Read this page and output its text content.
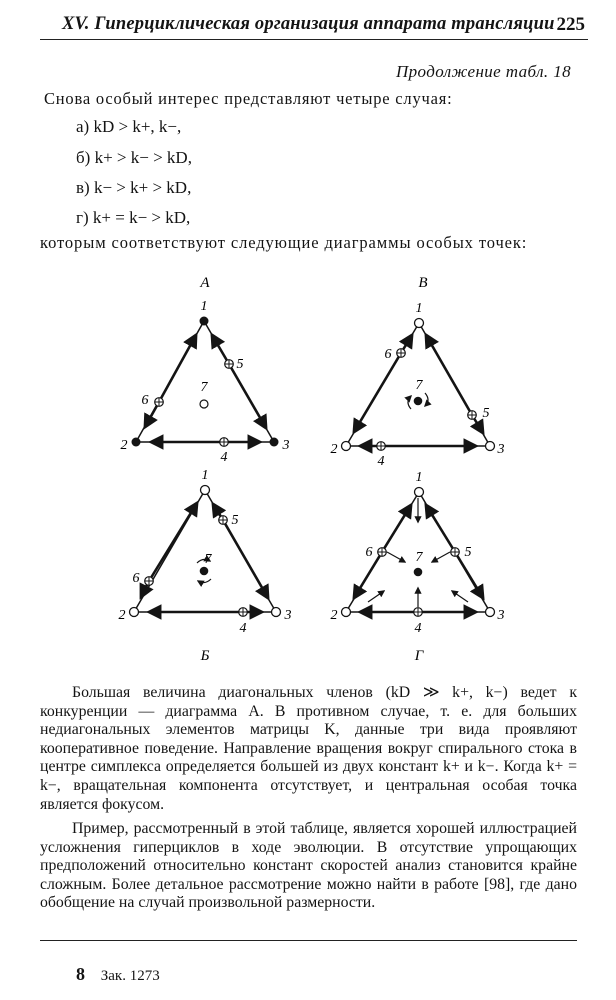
XV. Гиперциклическая организация аппарата трансляции 225
Продолжение табл. 18
Снова особый интерес представляют четыре случая:
а) kD > k+, k−,
б) k+ > k− > kD,
в) k− > k+ > kD,
г) k+ = k− > kD,
которым соответствуют следующие диаграммы особых точек:
А
1
2	3
4
5
6
7
В
1
2	3
4
5
6
7
Б
1
2	3
4
5
6
7
Г
1
2	3
4
5
6	7

Большая величина диагональных членов (kD ≫ k+, k−) ведет к конкуренции — диаграмма A. В противном случае, т. е. для больших недиагональных элементов матрицы K, данные три вида проявляют кооперативное поведение. Направление вращения вокруг спирального стока в центре симплекса определяется большей из двух констант k+ и k−. Когда k+ = k−, вращательная компонента отсутствует, и центральная особая точка является фокусом.

Пример, рассмотренный в этой таблице, является хорошей иллюстрацией усложнения гиперциклов в ходе эволюции. В отсутствие упрощающих предположений относительно констант скоростей анализ становится крайне сложным. Более детальное рассмотрение можно найти в работе [98], где дано обобщение на случай произвольной размерности.

8 Зак. 1273
